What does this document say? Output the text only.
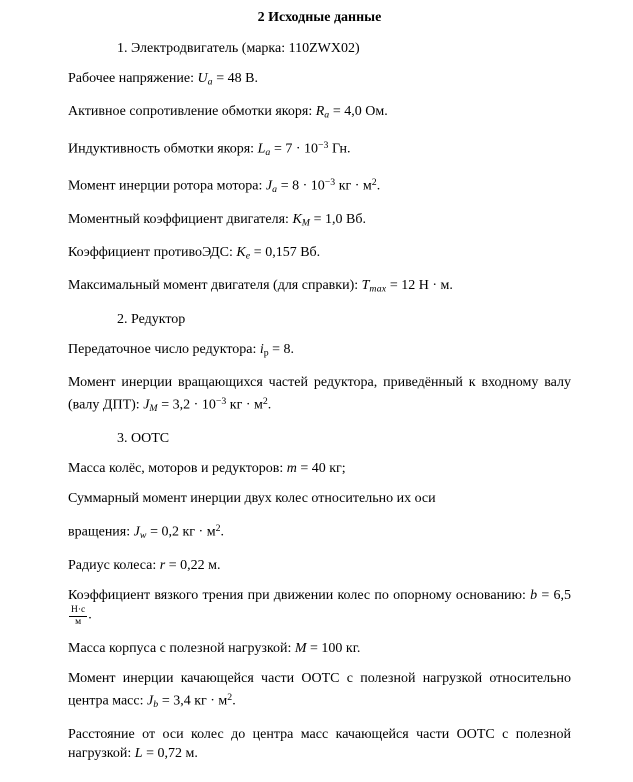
2 Исходные данные

1. Электродвигатель (марка: 110ZWX02)

Рабочее напряжение: Ua = 48 В.

Активное сопротивление обмотки якоря: Ra = 4,0 Ом.

Индуктивность обмотки якоря: $La = 7 \cdot 10^{-3}$ Гн.

Момент инерции ротора мотора: $Ja = 8 \cdot 10^{-3}$ кг · $м^2$.

Моментный коэффициент двигателя: KM = 1,0 Вб.

Коэффициент противоЭДС: Ke = 0,157 Вб.

Максимальный момент двигателя (для справки): Tmax = 12 Н · м.

2. Редуктор

Передаточное число редуктора: iр = 8.

Момент инерции вращающихся частей редуктора, приведённый к входному валу (валу ДПТ): JM = $3,2 \cdot 10^{-3}$ кг · $м^2$.

3. ООТС

Масса колёс, моторов и редукторов: m = 40 кг;

Суммарный момент инерции двух колес относительно их оси

вращения: Jw = 0,2 кг · $м^2$.

Радиус колеса: r = 0,22 м.

Коэффициент вязкого трения при движении колес по опорному основанию: b = 6,5
$\frac{Н\cdot с}{м}$ .

Масса корпуса с полезной нагрузкой: M = 100 кг.

Момент инерции качающейся части ООТС с полезной нагрузкой относительно центра масс: Jb = 3,4 кг · $м^2$.

Расстояние от оси колес до центра масс качающейся части ООТС с полезной нагрузкой: L = 0,72 м.
